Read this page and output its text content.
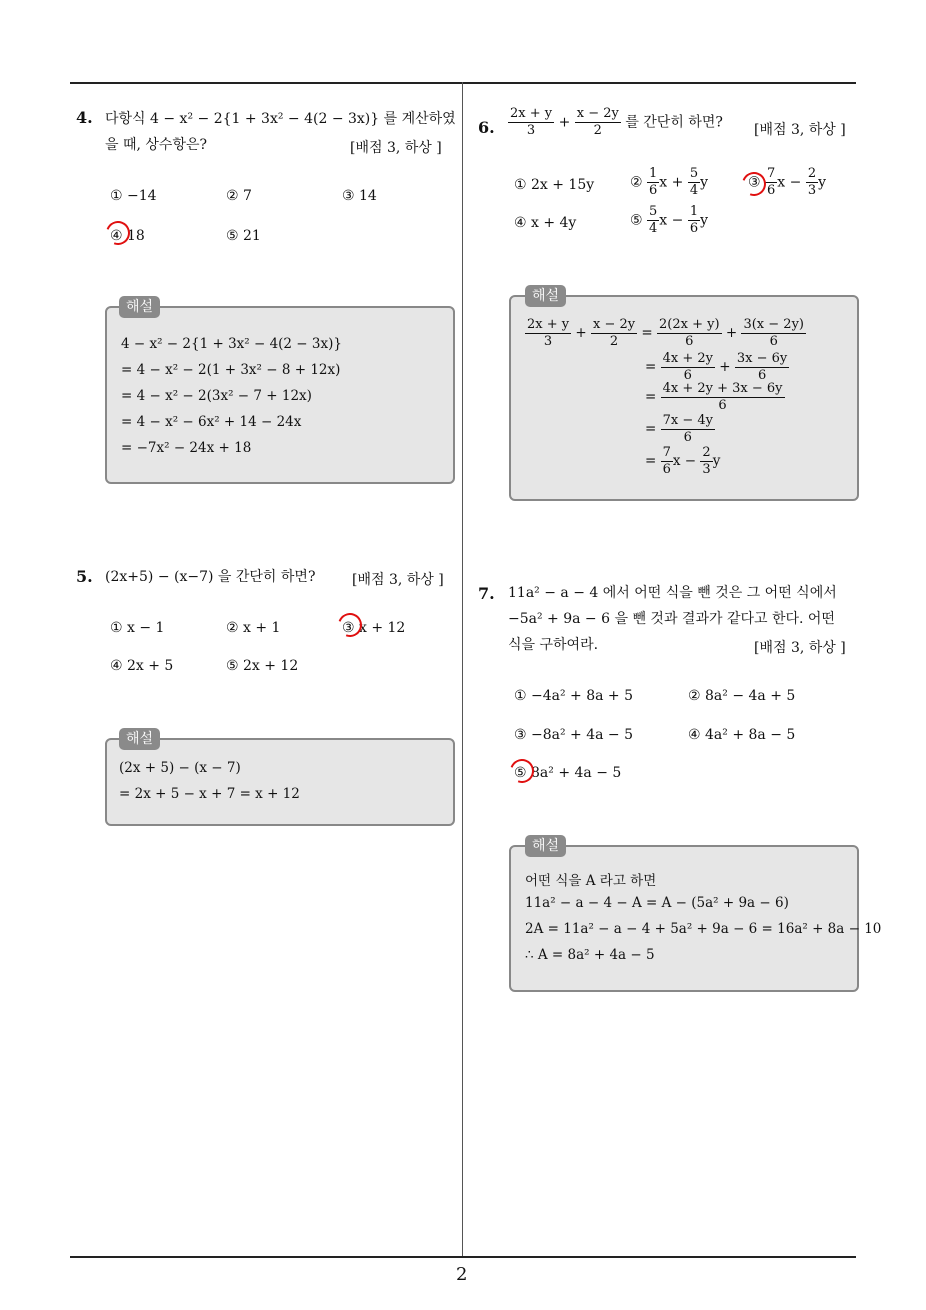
2
4. 다항식 4 − x² − 2{1 + 3x² − 4(2 − 3x)} 를 계산하였
을 때, 상수항은?	[배점 3, 하상 ]
① −14	② 7	③ 14
④ 18	⑤ 21
해설
4 − x² − 2{1 + 3x² − 4(2 − 3x)}
= 4 − x² − 2(1 + 3x² − 8 + 12x)
= 4 − x² − 2(3x² − 7 + 12x)
= 4 − x² − 6x² + 14 − 24x
= −7x² − 24x + 18
5. (2x+5) − (x−7) 을 간단히 하면?	[배점 3, 하상 ]
① x − 1	② x + 1	③ x + 12
④ 2x + 5	⑤ 2x + 12
해설
(2x + 5) − (x − 7)
= 2x + 5 − x + 7 = x + 12
6. $\frac{2x + y}{3} + \frac{x - 2y}{2}$ 를 간단히 하면? [배점 3, 하상 ]
① 2x + 15y	② $\frac{1}{6}$ $x + \frac{5}{4}$ y	③ $\frac{7}{6}$ $x - \frac{2}{3}$ y
④ x + 4y	⑤ $\frac{5}{4}$ $x - \frac{1}{6}$ y
해설
$\frac{2x + y}{3} + \frac{x - 2y}{2} = \frac{2(2x + y)}{6} + \frac{3(x - 2y)}{6}$
= $\frac{4x + 2y}{6} + \frac{3x - 6y}{6}$
= $\frac{4x + 2y + 3x - 6y}{6}$
= $\frac{7x - 4y}{6}$
= $\frac{7}{6}$ $x - \frac{2}{3}$ y
7. 11a² − a − 4 에서 어떤 식을 뺀 것은 그 어떤 식에서
−5a² + 9a − 6 을 뺀 것과 결과가 같다고 한다. 어떤
식을 구하여라.	[배점 3, 하상 ]
① −4a² + 8a + 5	② 8a² − 4a + 5
③ −8a² + 4a − 5	④ 4a² + 8a − 5
⑤ 8a² + 4a − 5
해설
어떤 식을 A 라고 하면
11a² − a − 4 − A = A − (5a² + 9a − 6)
2A = 11a² − a − 4 + 5a² + 9a − 6 = 16a² + 8a − 10
∴ A = 8a² + 4a − 5
